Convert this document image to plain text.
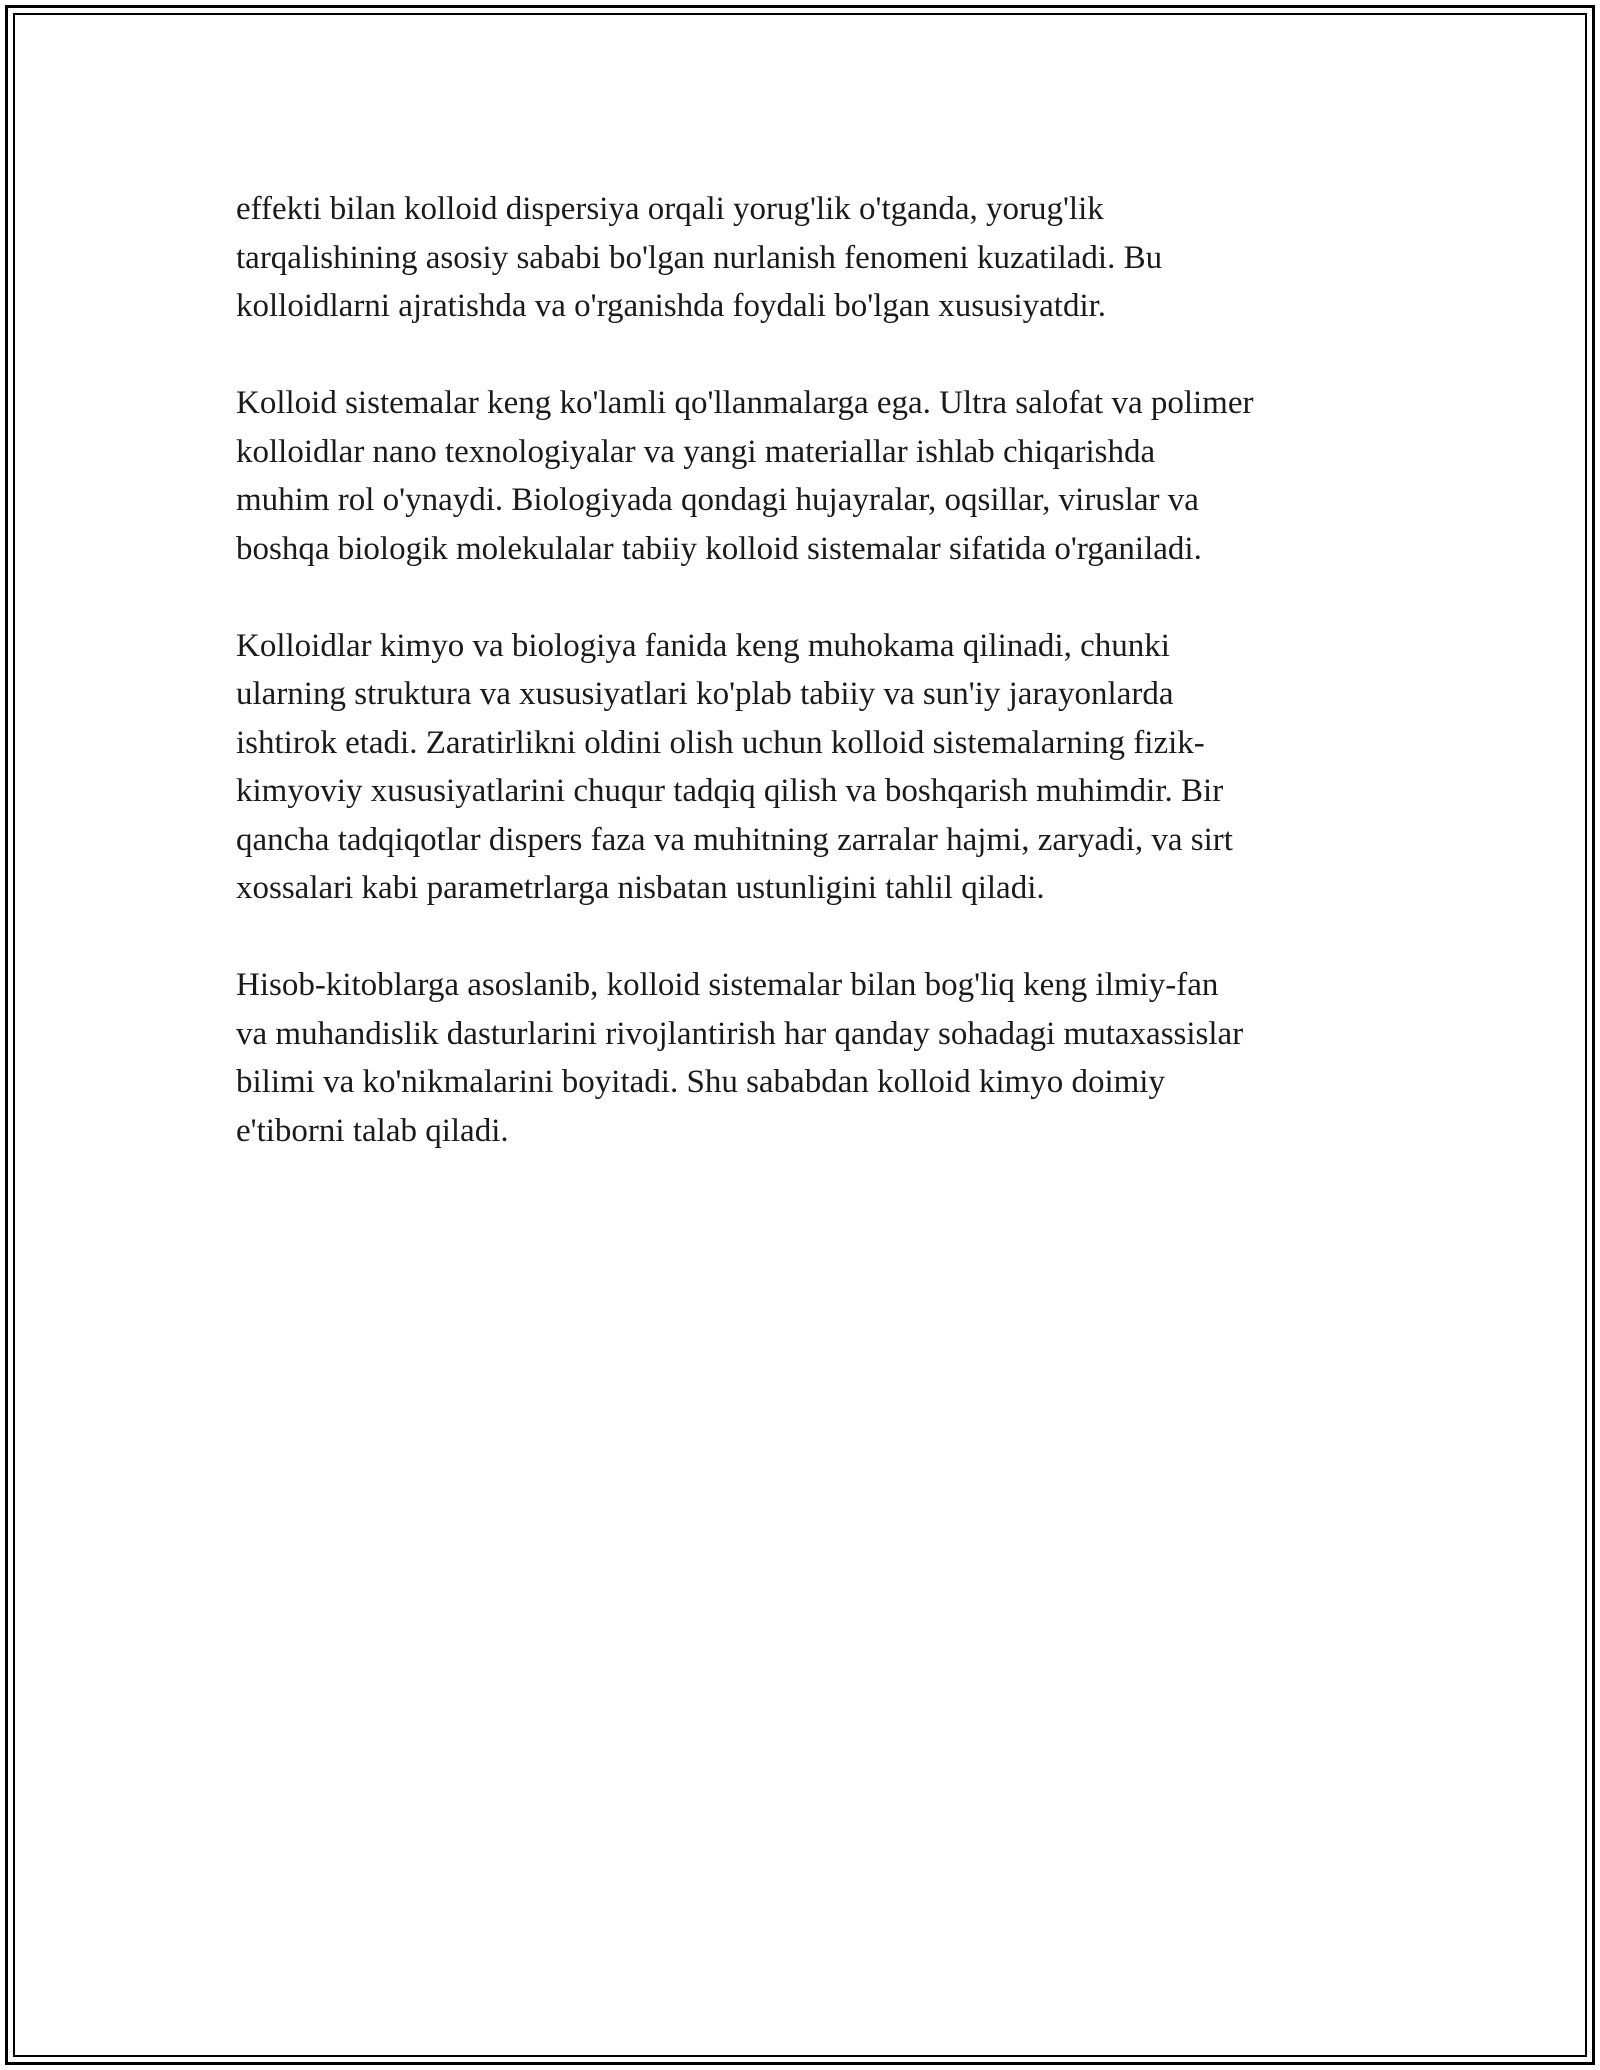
effekti bilan kolloid dispersiya orqali yorug'lik o'tganda, yorug'lik
tarqalishining asosiy sababi bo'lgan nurlanish fenomeni kuzatiladi. Bu
kolloidlarni ajratishda va o'rganishda foydali bo'lgan xususiyatdir.

Kolloid sistemalar keng ko'lamli qo'llanmalarga ega. Ultra salofat va polimer
kolloidlar nano texnologiyalar va yangi materiallar ishlab chiqarishda
muhim rol o'ynaydi. Biologiyada qondagi hujayralar, oqsillar, viruslar va
boshqa biologik molekulalar tabiiy kolloid sistemalar sifatida o'rganiladi.

Kolloidlar kimyo va biologiya fanida keng muhokama qilinadi, chunki
ularning struktura va xususiyatlari ko'plab tabiiy va sun'iy jarayonlarda
ishtirok etadi. Zaratirlikni oldini olish uchun kolloid sistemalarning fizik-
kimyoviy xususiyatlarini chuqur tadqiq qilish va boshqarish muhimdir. Bir
qancha tadqiqotlar dispers faza va muhitning zarralar hajmi, zaryadi, va sirt
xossalari kabi parametrlarga nisbatan ustunligini tahlil qiladi.

Hisob-kitoblarga asoslanib, kolloid sistemalar bilan bog'liq keng ilmiy-fan
va muhandislik dasturlarini rivojlantirish har qanday sohadagi mutaxassislar
bilimi va ko'nikmalarini boyitadi. Shu sababdan kolloid kimyo doimiy
e'tiborni talab qiladi.
